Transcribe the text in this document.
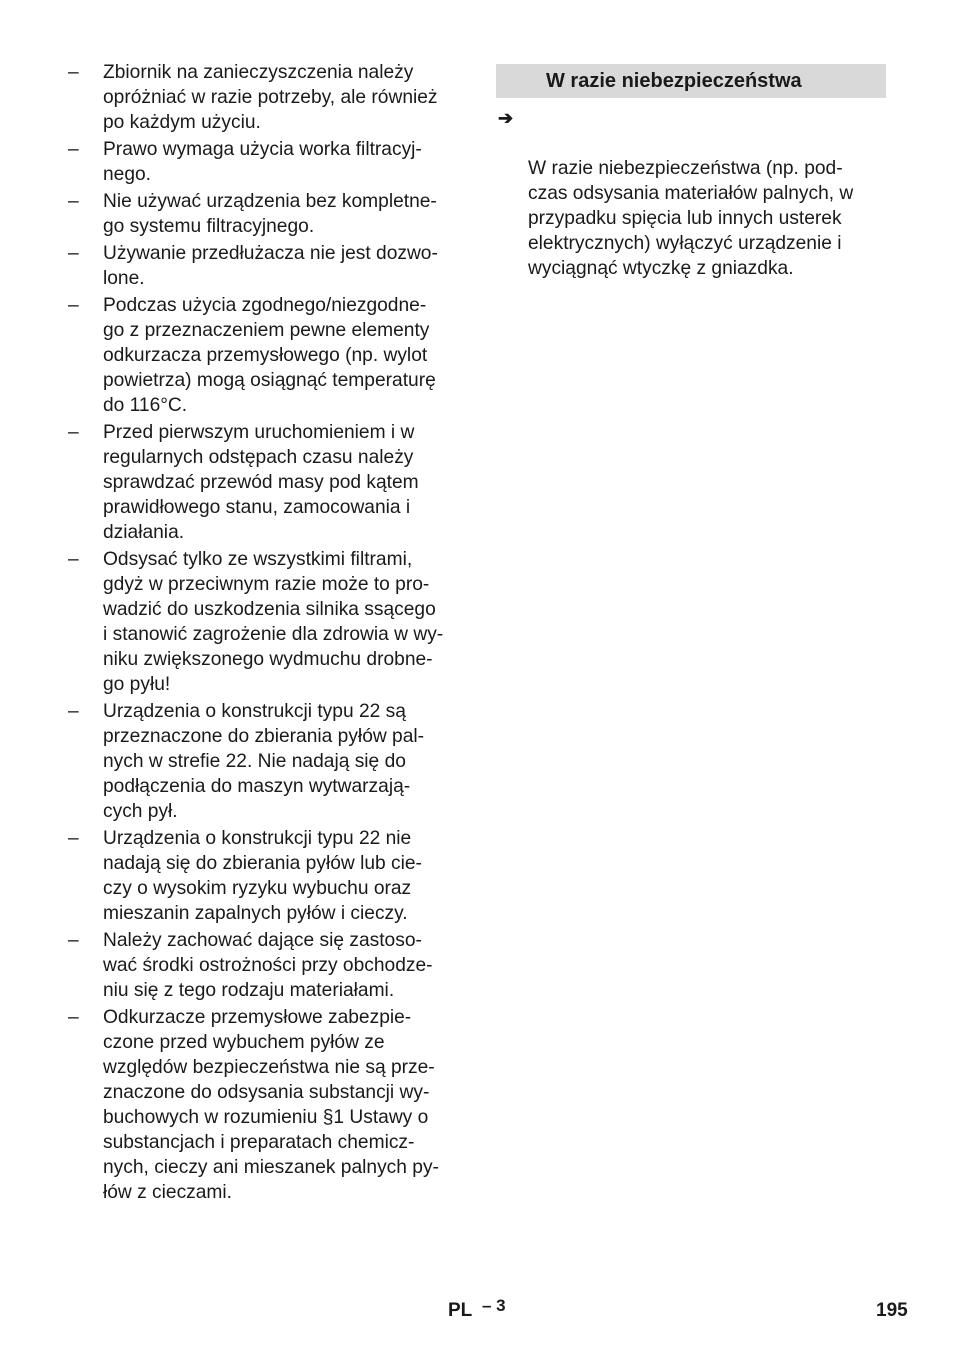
–	Zbiornik na zanieczyszczenia należy
opróżniać w razie potrzeby, ale również
po każdym użyciu.
–	Prawo wymaga użycia worka filtracyj-
nego.
–	Nie używać urządzenia bez kompletne-
go systemu filtracyjnego.
–	Używanie przedłużacza nie jest dozwo-
lone.
–	Podczas użycia zgodnego/niezgodne-
go z przeznaczeniem pewne elementy
odkurzacza przemysłowego (np. wylot
powietrza) mogą osiągnąć temperaturę
do 116°C.
–	Przed pierwszym uruchomieniem i w
regularnych odstępach czasu należy
sprawdzać przewód masy pod kątem
prawidłowego stanu, zamocowania i
działania.
–	Odsysać tylko ze wszystkimi filtrami,
gdyż w przeciwnym razie może to pro-
wadzić do uszkodzenia silnika ssącego
i stanowić zagrożenie dla zdrowia w wy-
niku zwiększonego wydmuchu drobne-
go pyłu!
–	Urządzenia o konstrukcji typu 22 są
przeznaczone do zbierania pyłów pal-
nych w strefie 22. Nie nadają się do
podłączenia do maszyn wytwarzają-
cych pył.
–	Urządzenia o konstrukcji typu 22 nie
nadają się do zbierania pyłów lub cie-
czy o wysokim ryzyku wybuchu oraz
mieszanin zapalnych pyłów i cieczy.
–	Należy zachować dające się zastoso-
wać środki ostrożności przy obchodze-
niu się z tego rodzaju materiałami.
–	Odkurzacze przemysłowe zabezpie-
czone przed wybuchem pyłów ze
względów bezpieczeństwa nie są prze-
znaczone do odsysania substancji wy-
buchowych w rozumieniu §1 Ustawy o
substancjach i preparatach chemicz-
nych, cieczy ani mieszanek palnych py-
łów z cieczami.
W razie niebezpieczeństwa

➔

W razie niebezpieczeństwa (np. pod-
czas odsysania materiałów palnych, w
przypadku spięcia lub innych usterek
elektrycznych) wyłączyć urządzenie i
wyciągnąć wtyczkę z gniazdka.

PL – 3	195
